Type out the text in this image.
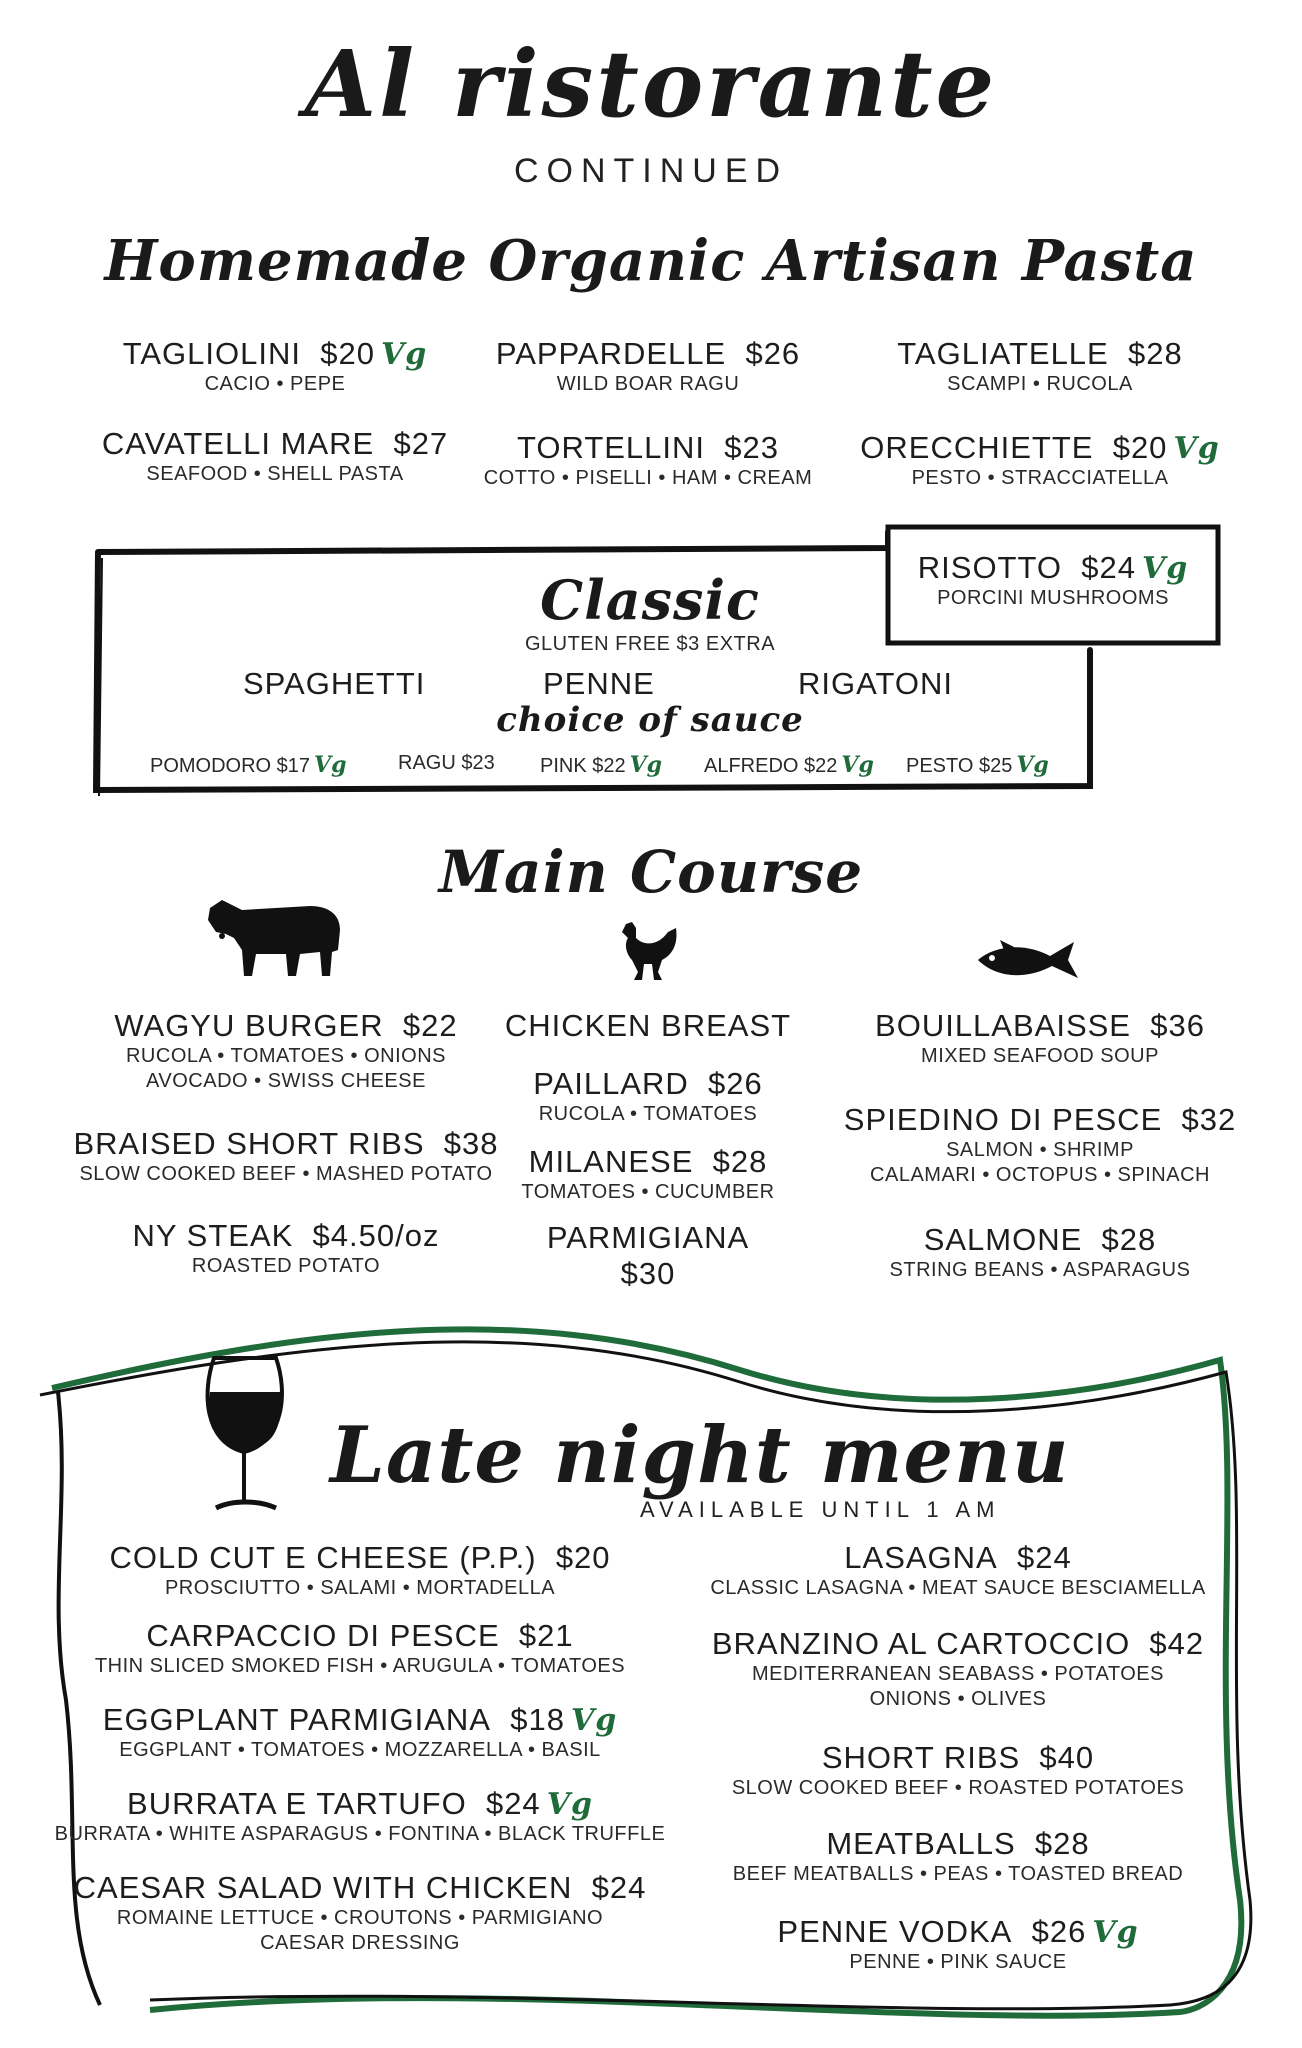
Al ristorante
CONTINUED
Homemade Organic Artisan Pasta
TAGLIOLINI $20 Vg
CACIO • PEPE
PAPPARDELLE $26
WILD BOAR RAGU
TAGLIATELLE $28
SCAMPI • RUCOLA
CAVATELLI MARE $27
SEAFOOD • SHELL PASTA
TORTELLINI $23
COTTO • PISELLI • HAM • CREAM
ORECCHIETTE $20 Vg
PESTO • STRACCIATELLA
RISOTTO $24 Vg
PORCINI MUSHROOMS
Classic
GLUTEN FREE $3 EXTRA
SPAGHETTI	PENNE	RIGATONI
choice of sauce
POMODORO $17 Vg	RAGU $23 PINK $22 Vg ALFREDO $22 Vg PESTO $25 Vg
Main Course
WAGYU BURGER $22
RUCOLA • TOMATOES • ONIONS
AVOCADO • SWISS CHEESE
BRAISED SHORT RIBS $38
SLOW COOKED BEEF • MASHED POTATO
NY STEAK $4.50/oz
ROASTED POTATO
CHICKEN BREAST
PAILLARD $26
RUCOLA • TOMATOES
MILANESE $28
TOMATOES • CUCUMBER
PARMIGIANA
$30
BOUILLABAISSE $36
MIXED SEAFOOD SOUP
SPIEDINO DI PESCE $32
SALMON • SHRIMP
CALAMARI • OCTOPUS • SPINACH
SALMONE $28
STRING BEANS • ASPARAGUS
Late night menu
AVAILABLE UNTIL 1 AM
COLD CUT E CHEESE (P.P.) $20
PROSCIUTTO • SALAMI • MORTADELLA
CARPACCIO DI PESCE $21
THIN SLICED SMOKED FISH • ARUGULA • TOMATOES
EGGPLANT PARMIGIANA $18 Vg
EGGPLANT • TOMATOES • MOZZARELLA • BASIL
BURRATA E TARTUFO $24 Vg
BURRATA • WHITE ASPARAGUS • FONTINA • BLACK TRUFFLE
CAESAR SALAD WITH CHICKEN $24
ROMAINE LETTUCE • CROUTONS • PARMIGIANO
CAESAR DRESSING
LASAGNA $24
CLASSIC LASAGNA • MEAT SAUCE BESCIAMELLA
BRANZINO AL CARTOCCIO $42
MEDITERRANEAN SEABASS • POTATOES
ONIONS • OLIVES
SHORT RIBS $40
SLOW COOKED BEEF • ROASTED POTATOES
MEATBALLS $28
BEEF MEATBALLS • PEAS • TOASTED BREAD
PENNE VODKA $26 Vg
PENNE • PINK SAUCE
